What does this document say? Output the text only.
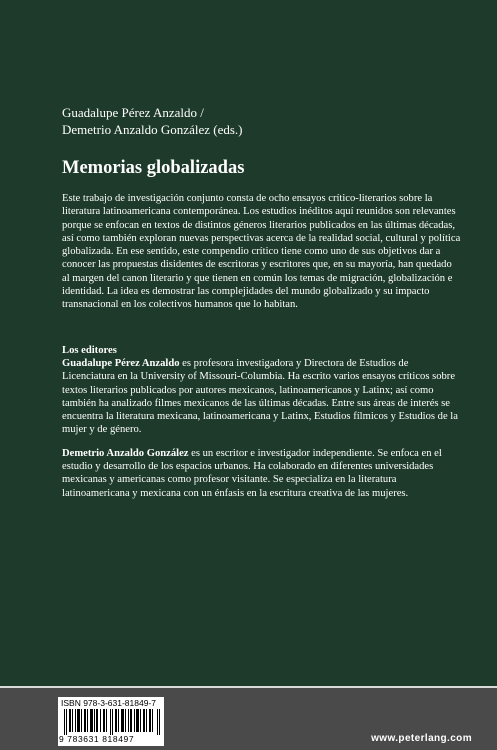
Guadalupe Pérez Anzaldo /
Demetrio Anzaldo González (eds.)

Memorias globalizadas

Este trabajo de investigación conjunto consta de ocho ensayos crítico-literarios sobre la literatura latinoamericana contemporánea. Los estudios inéditos aquí reunidos son relevantes porque se enfocan en textos de distintos géneros literarios publicados en las últimas décadas, así como también exploran nuevas perspectivas acerca de la realidad social, cultural y política globalizada. En ese sentido, este compendio crítico tiene como uno de sus objetivos dar a conocer las propuestas disidentes de escritoras y escritores que, en su mayoría, han quedado al margen del canon literario y que tienen en común los temas de migración, globalización e identidad. La idea es demostrar las complejidades del mundo globalizado y su impacto transnacional en los colectivos humanos que lo habitan.

Los editores

Guadalupe Pérez Anzaldo es profesora investigadora y Directora de Estudios de Licenciatura en la University of Missouri-Columbia. Ha escrito varios ensayos críticos sobre textos literarios publicados por autores mexicanos, latinoamericanos y Latinx; así como también ha analizado filmes mexicanos de las últimas décadas. Entre sus áreas de interés se encuentra la literatura mexicana, latinoamericana y Latinx, Estudios fílmicos y Estudios de la mujer y de género.

Demetrio Anzaldo González es un escritor e investigador independiente. Se enfoca en el estudio y desarrollo de los espacios urbanos. Ha colaborado en diferentes universidades mexicanas y americanas como profesor visitante. Se especializa en la literatura latinoamericana y mexicana con un énfasis en la escritura creativa de las mujeres.

ISBN 978-3-631-81849-7
9 783631 818497	www.peterlang.com
